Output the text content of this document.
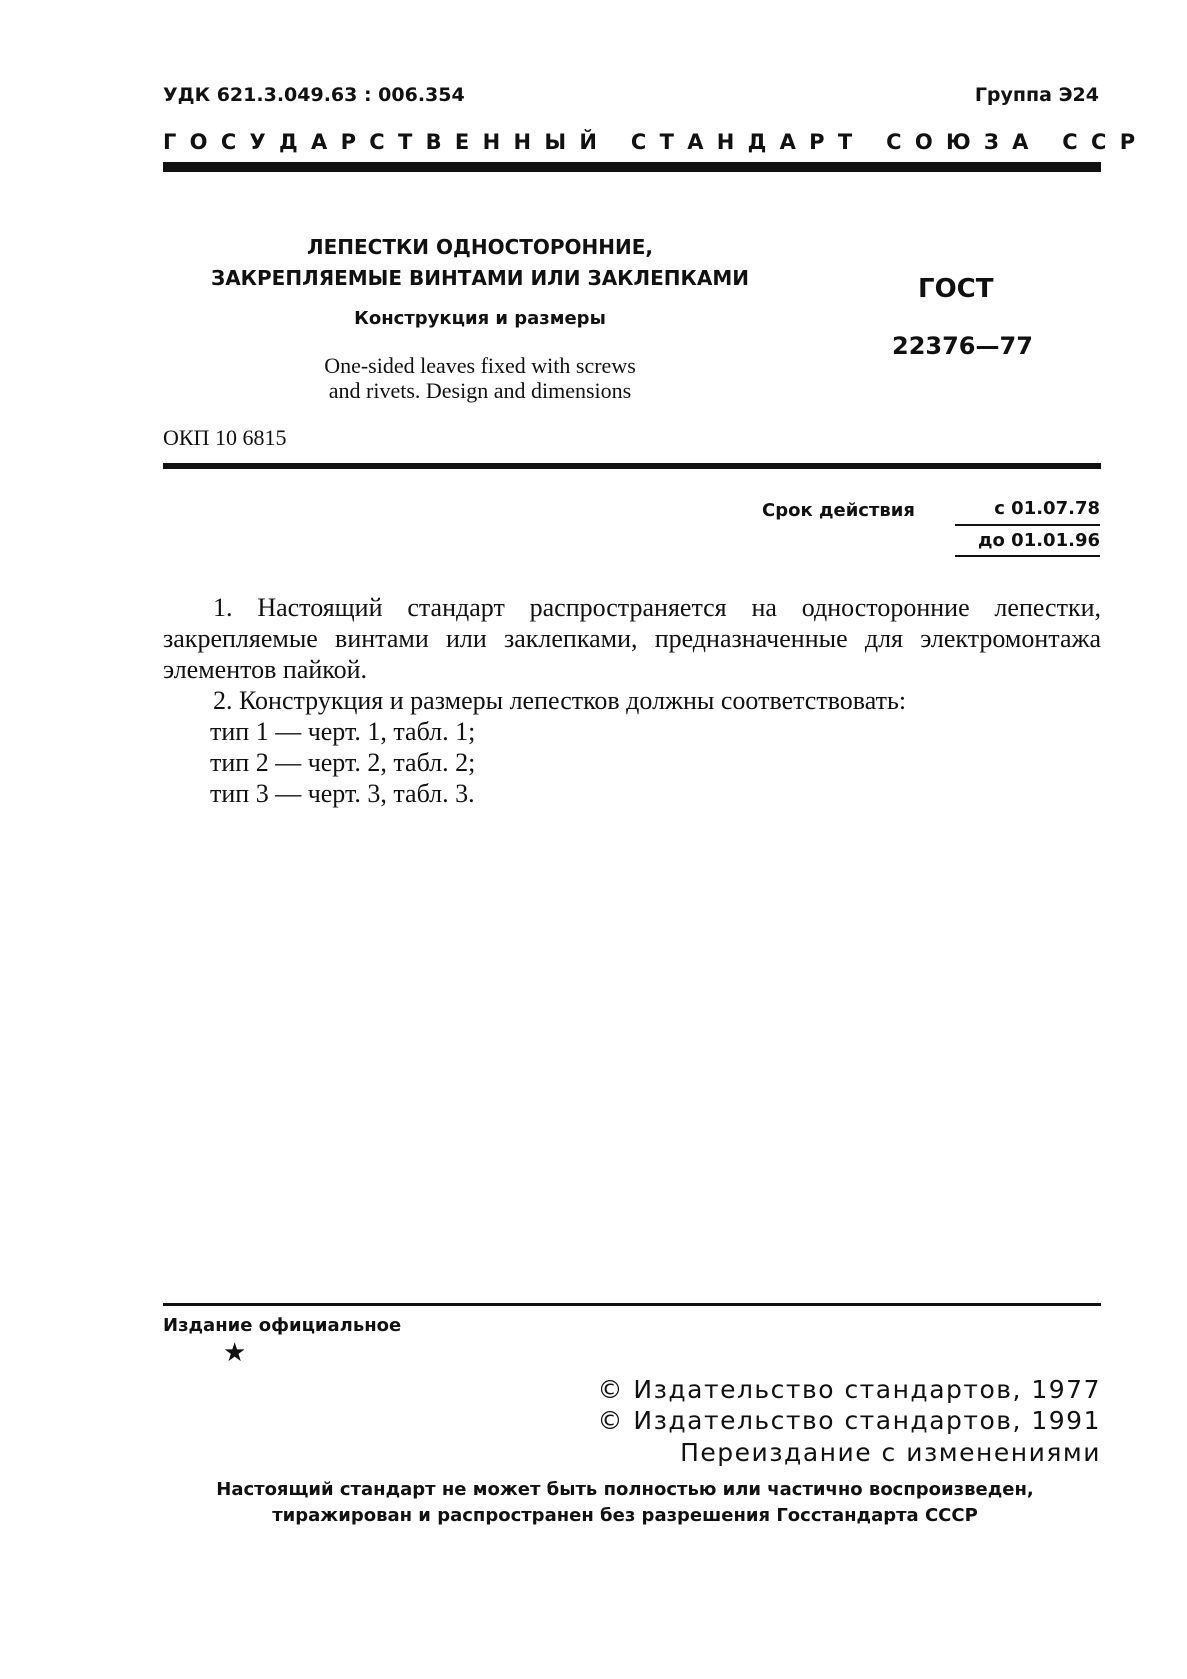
УДК 621.3.049.63 : 006.354	Группа Э24
ГОСУДАРСТВЕННЫЙ СТАНДАРТ СОЮЗА ССР
ЛЕПЕСТКИ ОДНОСТОРОННИЕ,
ЗАКРЕПЛЯЕМЫЕ ВИНТАМИ ИЛИ ЗАКЛЕПКАМИ
Конструкция и размеры
One-sided leaves fixed with screws
and rivets. Design and dimensions
ГОСТ
22376—77
ОКП 10 6815
Срок действия	с 01.07.78
до 01.01.96

1. Настоящий стандарт распространяется на односторонние лепестки, закрепляемые винтами или заклепками, предназначенные для электромонтажа элементов пайкой.

2. Конструкция и размеры лепестков должны соответствовать:

тип 1 — черт. 1, табл. 1;

тип 2 — черт. 2, табл. 2;

тип 3 — черт. 3, табл. 3.

Издание официальное
★
© Издательство стандартов, 1977
© Издательство стандартов, 1991
Переиздание с изменениями
Настоящий стандарт не может быть полностью или частично воспроизведен,
тиражирован и распространен без разрешения Госстандарта СССР
